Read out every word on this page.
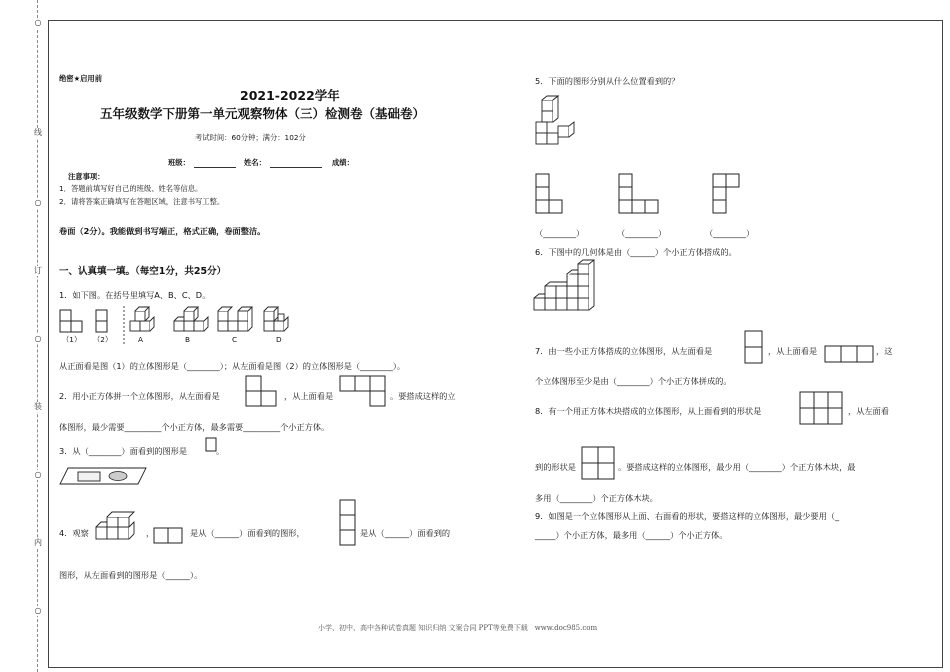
○
线
○
订
○
装
○
内
○
绝密★启用前
2021-2022学年
五年级数学下册第一单元观察物体（三）检测卷（基础卷）
考试时间：60分钟；满分：102分
班级：	姓名：	成绩：
注意事项：
1．答题前填写好自己的班级、姓名等信息。
2．请将答案正确填写在答题区域，注意书写工整。
卷面（2分）。我能做到书写端正，格式正确，卷面整洁。
一、认真填一填。（每空1分，共25分）
1．如下图。在括号里填写A、B、C、D。
（1） （2）	A	B	C	D
从正面看是图（1）的立体图形是（________）；从左面看是图（2）的立体图形是（________）。
2．用小正方体拼一个立体图形，从左面看是	，从上面看是	。要搭成这样的立
体图形，最少需要_________个小正方体，最多需要_________个小正方体。
3．从（________）面看到的图形是	。
4．观察	，	是从（______）面看到的图形，	是从（______）面看到的
图形，从左面看到的图形是（______）。
5．下面的图形分别从什么位置看到的？
（________）	（________）	（________）
6．下图中的几何体是由（______）个小正方体搭成的。
7．由一些小正方体搭成的立体图形，从左面看是	，从上面看是	，这
个立体图形至少是由（________）个小正方体拼成的。
8．有一个用正方体木块搭成的立体图形，从上面看到的形状是	，从左面看
到的形状是	。要搭成这样的立体图形，最少用（________）个正方体木块，最
多用（________）个正方体木块。
9．如图是一个立体图形从上面、右面看的形状，要搭这样的立体图形，最少要用（_
_____）个小正方体，最多用（______）个小正方体。
小学、初中、高中各种试卷真题 知识归纳 文案合同 PPT等免费下载　www.doc985.com
